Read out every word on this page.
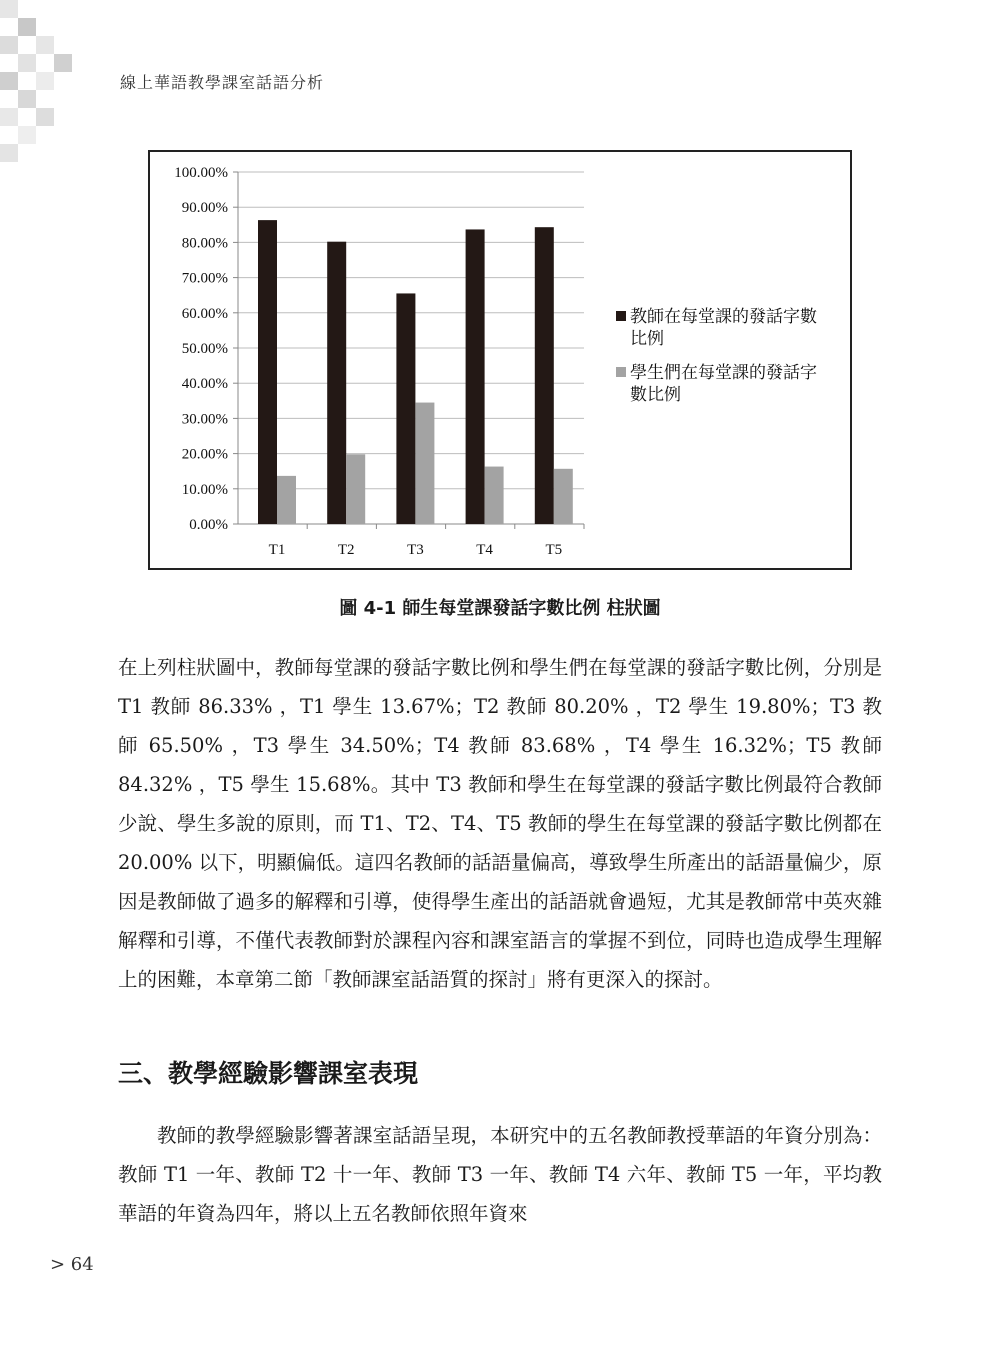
線上華語教學課室話語分析
0.00%
10.00%
20.00%
30.00%
40.00%
50.00%
60.00%
70.00%
80.00%
90.00%
100.00%
T1	T2	T3	T4	T5
教師在每堂課的發話字數
比例
學生們在每堂課的發話字
數比例
圖 4-1 師生每堂課發話字數比例 柱狀圖

在上列柱狀圖中，教師每堂課的發話字數比例和學生們在每堂課的發話字數比例，分別是 T1 教師 86.33% ，T1 學生 13.67%；T2 教師 80.20% ，T2 學生 19.80%；T3 教師 65.50% ，T3 學生 34.50%；T4 教師 83.68% ，T4 學生 16.32%；T5 教師 84.32% ，T5 學生 15.68%。其中 T3 教師和學生在每堂課的發話字數比例最符合教師少說、學生多說的原則，而 T1、T2、T4、T5 教師的學生在每堂課的發話字數比例都在 20.00% 以下，明顯偏低。這四名教師的話語量偏高，導致學生所產出的話語量偏少，原因是教師做了過多的解釋和引導，使得學生產出的話語就會過短，尤其是教師常中英夾雜解釋和引導，不僅代表教師對於課程內容和課室語言的掌握不到位，同時也造成學生理解上的困難，本章第二節「教師課室話語質的探討」將有更深入的探討。

三、教學經驗影響課室表現

教師的教學經驗影響著課室話語呈現，本研究中的五名教師教授華語的年資分別為：教師 T1 一年、教師 T2 十一年、教師 T3 一年、教師 T4 六年、教師 T5 一年，平均教華語的年資為四年，將以上五名教師依照年資來

> 64
